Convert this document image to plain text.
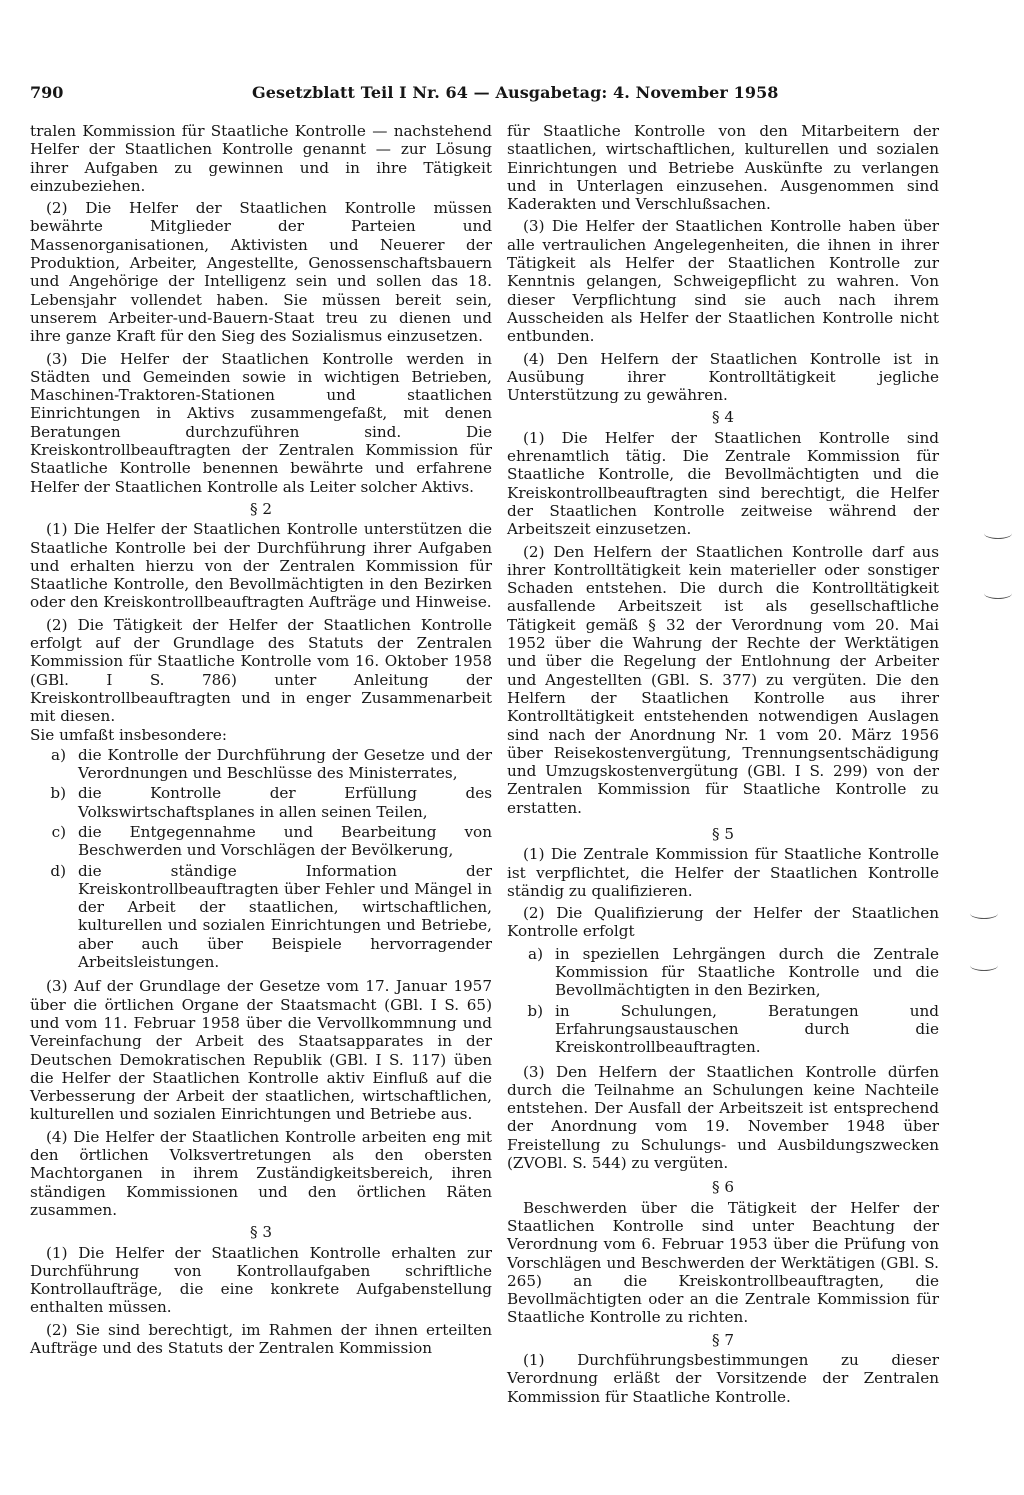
790	Gesetzblatt Teil I Nr. 64 — Ausgabetag: 4. November 1958

tralen Kommission für Staatliche Kontrolle — nachstehend Helfer der Staatlichen Kontrolle genannt — zur Lösung ihrer Aufgaben zu gewinnen und in ihre Tätigkeit einzubeziehen.

(2) Die Helfer der Staatlichen Kontrolle müssen bewährte Mitglieder der Parteien und Massenorganisationen, Aktivisten und Neuerer der Produktion, Arbeiter, Angestellte, Genossenschaftsbauern und Angehörige der Intelligenz sein und sollen das 18. Lebensjahr vollendet haben. Sie müssen bereit sein, unserem Arbeiter-und-Bauern-Staat treu zu dienen und ihre ganze Kraft für den Sieg des Sozialismus einzusetzen.

(3) Die Helfer der Staatlichen Kontrolle werden in Städten und Gemeinden sowie in wichtigen Betrieben, Maschinen-Traktoren-Stationen und staatlichen Einrichtungen in Aktivs zusammengefaßt, mit denen Beratungen durchzuführen sind. Die Kreiskontrollbeauftragten der Zentralen Kommission für Staatliche Kontrolle benennen bewährte und erfahrene Helfer der Staatlichen Kontrolle als Leiter solcher Aktivs.

§ 2

(1) Die Helfer der Staatlichen Kontrolle unterstützen die Staatliche Kontrolle bei der Durchführung ihrer Aufgaben und erhalten hierzu von der Zentralen Kommission für Staatliche Kontrolle, den Bevollmächtigten in den Bezirken oder den Kreiskontrollbeauftragten Aufträge und Hinweise.

(2) Die Tätigkeit der Helfer der Staatlichen Kontrolle erfolgt auf der Grundlage des Statuts der Zentralen Kommission für Staatliche Kontrolle vom 16. Oktober 1958 (GBl. I S. 786) unter Anleitung der Kreiskontrollbeauftragten und in enger Zusammenarbeit mit diesen.

Sie umfaßt insbesondere:

a) die Kontrolle der Durchführung der Gesetze und der Verordnungen und Beschlüsse des Ministerrates,
b) die Kontrolle der Erfüllung des Volkswirtschaftsplanes in allen seinen Teilen,
c) die Entgegennahme und Bearbeitung von Beschwerden und Vorschlägen der Bevölkerung,
d) die ständige Information der Kreiskontrollbeauftragten über Fehler und Mängel in der Arbeit der staatlichen, wirtschaftlichen, kulturellen und sozialen Einrichtungen und Betriebe, aber auch über Beispiele hervorragender Arbeitsleistungen.

(3) Auf der Grundlage der Gesetze vom 17. Januar 1957 über die örtlichen Organe der Staatsmacht (GBl. I S. 65) und vom 11. Februar 1958 über die Vervollkommnung und Vereinfachung der Arbeit des Staatsapparates in der Deutschen Demokratischen Republik (GBl. I S. 117) üben die Helfer der Staatlichen Kontrolle aktiv Einfluß auf die Verbesserung der Arbeit der staatlichen, wirtschaftlichen, kulturellen und sozialen Einrichtungen und Betriebe aus.

(4) Die Helfer der Staatlichen Kontrolle arbeiten eng mit den örtlichen Volksvertretungen als den obersten Machtorganen in ihrem Zuständigkeitsbereich, ihren ständigen Kommissionen und den örtlichen Räten zusammen.

§ 3

(1) Die Helfer der Staatlichen Kontrolle erhalten zur Durchführung von Kontrollaufgaben schriftliche Kontrollaufträge, die eine konkrete Aufgabenstellung enthalten müssen.

(2) Sie sind berechtigt, im Rahmen der ihnen erteilten Aufträge und des Statuts der Zentralen Kommission

für Staatliche Kontrolle von den Mitarbeitern der staatlichen, wirtschaftlichen, kulturellen und sozialen Einrichtungen und Betriebe Auskünfte zu verlangen und in Unterlagen einzusehen. Ausgenommen sind Kaderakten und Verschlußsachen.

(3) Die Helfer der Staatlichen Kontrolle haben über alle vertraulichen Angelegenheiten, die ihnen in ihrer Tätigkeit als Helfer der Staatlichen Kontrolle zur Kenntnis gelangen, Schweigepflicht zu wahren. Von dieser Verpflichtung sind sie auch nach ihrem Ausscheiden als Helfer der Staatlichen Kontrolle nicht entbunden.

(4) Den Helfern der Staatlichen Kontrolle ist in Ausübung ihrer Kontrolltätigkeit jegliche Unterstützung zu gewähren.

§ 4

(1) Die Helfer der Staatlichen Kontrolle sind ehrenamtlich tätig. Die Zentrale Kommission für Staatliche Kontrolle, die Bevollmächtigten und die Kreiskontrollbeauftragten sind berechtigt, die Helfer der Staatlichen Kontrolle zeitweise während der Arbeitszeit einzusetzen.

(2) Den Helfern der Staatlichen Kontrolle darf aus ihrer Kontrolltätigkeit kein materieller oder sonstiger Schaden entstehen. Die durch die Kontrolltätigkeit ausfallende Arbeitszeit ist als gesellschaftliche Tätigkeit gemäß § 32 der Verordnung vom 20. Mai 1952 über die Wahrung der Rechte der Werktätigen und über die Regelung der Entlohnung der Arbeiter und Angestellten (GBl. S. 377) zu vergüten. Die den Helfern der Staatlichen Kontrolle aus ihrer Kontrolltätigkeit entstehenden notwendigen Auslagen sind nach der Anordnung Nr. 1 vom 20. März 1956 über Reisekostenvergütung, Trennungsentschädigung und Umzugskostenvergütung (GBl. I S. 299) von der Zentralen Kommission für Staatliche Kontrolle zu erstatten.

§ 5

(1) Die Zentrale Kommission für Staatliche Kontrolle ist verpflichtet, die Helfer der Staatlichen Kontrolle ständig zu qualifizieren.

(2) Die Qualifizierung der Helfer der Staatlichen Kontrolle erfolgt

a) in speziellen Lehrgängen durch die Zentrale Kommission für Staatliche Kontrolle und die Bevollmächtigten in den Bezirken,
b) in Schulungen, Beratungen und Erfahrungsaustauschen durch die Kreiskontrollbeauftragten.

(3) Den Helfern der Staatlichen Kontrolle dürfen durch die Teilnahme an Schulungen keine Nachteile entstehen. Der Ausfall der Arbeitszeit ist entsprechend der Anordnung vom 19. November 1948 über Freistellung zu Schulungs- und Ausbildungszwecken (ZVOBl. S. 544) zu vergüten.

§ 6

Beschwerden über die Tätigkeit der Helfer der Staatlichen Kontrolle sind unter Beachtung der Verordnung vom 6. Februar 1953 über die Prüfung von Vorschlägen und Beschwerden der Werktätigen (GBl. S. 265) an die Kreiskontrollbeauftragten, die Bevollmächtigten oder an die Zentrale Kommission für Staatliche Kontrolle zu richten.

§ 7

(1) Durchführungsbestimmungen zu dieser Verordnung erläßt der Vorsitzende der Zentralen Kommission für Staatliche Kontrolle.
